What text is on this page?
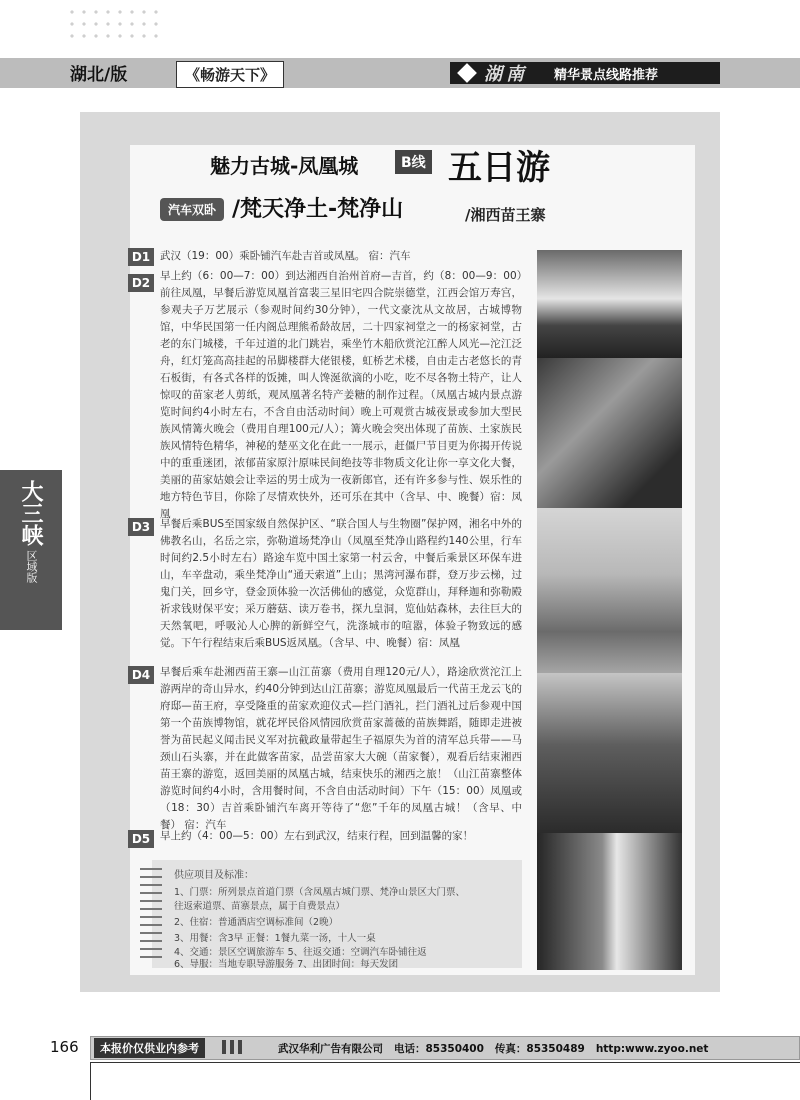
湖北/版	《畅游天下》	湖南 精华景点线路推荐
魅力古城-凤凰城	B线 五日游
汽车双卧 /梵天净土-梵净山	/湘西苗王寨
D1 武汉（19：00）乘卧铺汽车赴吉首或凤凰。 宿：汽车
D2 早上约（6：00—7：00）到达湘西自治州首府—吉首，约（8：00—9：00）前往凤凰，早餐后游览凤凰首富裴三星旧宅四合院崇德堂，江西会馆万寿宫，参观夫子万艺展示（参观时间约30分钟），一代文豪沈从文故居，古城博物馆，中华民国第一任内阁总理熊希龄故居，二十四家祠堂之一的杨家祠堂，古老的东门城楼，千年过道的北门跳岩，乘坐竹木船欣赏沱江醉人风光—沱江泛舟，红灯笼高高挂起的吊脚楼群大佬银楼，虹桥艺术楼，自由走古老悠长的青石板街，有各式各样的饭摊，叫人馋涎欲滴的小吃，吃不尽各物土特产，让人惊叹的苗家老人剪纸，观凤凰著名特产姜糖的制作过程。（凤凰古城内景点游览时间约4小时左右，不含自由活动时间）晚上可观赏古城夜景或参加大型民族风情篝火晚会（费用自理100元/人）；篝火晚会突出体现了苗族、土家族民族风情特色精华，神秘的楚巫文化在此一一展示，赶僵尸节目更为你揭开传说中的重重迷团，浓郁苗家原汁原味民间绝技等非物质文化让你一享文化大餐，美丽的苗家姑娘会让幸运的男士成为一夜新郎官，还有许多参与性、娱乐性的地方特色节目，你除了尽情欢快外，还可乐在其中（含早、中、晚餐）宿：凤凰
D3 早餐后乘BUS至国家级自然保护区、“联合国人与生物圈”保护网，湘名中外的佛教名山，名岳之宗，弥勒道场梵净山（凤凰至梵净山路程约140公里，行车时间约2.5小时左右）路途车览中国土家第一村云舍，中餐后乘景区环保车进山，车辛盘动，乘坐梵净山“通天索道”上山；黑湾河瀑布群，登万步云梯，过鬼门关，回乡守，登金顶体验一次活佛仙的感觉，众览群山，拜释迦和弥勒殿祈求钱财保平安；采万蘑菇、读万卷书，探九皇洞，览仙姑森林，去往巨大的天然氧吧，呼吸沁人心脾的新鲜空气，洗涤城市的喧嚣，体验子物致远的感觉。下午行程结束后乘BUS返凤凰。（含早、中、晚餐）宿：凤凰
D4 早餐后乘车赴湘西苗王寨—山江苗寨（费用自理120元/人），路途欣赏沱江上游两岸的奇山异水，约40分钟到达山江苗寨；游览凤凰最后一代苗王龙云飞的府邸—苗王府，享受隆重的苗家欢迎仪式—拦门酒礼，拦门酒礼过后参观中国第一个苗族博物馆，就花坪民俗风情园欣赏苗家蔷薇的苗族舞蹈，随即走进被誉为苗民起义闻击民义军对抗截政量带起生子福原失为首的清军总兵带——马颈山石头寨，并在此做客苗家，品尝苗家大大碗（苗家餐），观看后结束湘西苗王寨的游览，返回美丽的凤凰古城，结束快乐的湘西之旅！（山江苗寨整体游览时间约4小时，含用餐时间，不含自由活动时间）下午（15：00）凤凰或（18：30）吉首乘卧铺汽车离开等待了“您”千年的凤凰古城！（含早、中餐） 宿：汽车
D5 早上约（4：00—5：00）左右到武汉，结束行程，回到温馨的家！
供应项目及标准：
1、门票：所列景点首道门票（含凤凰古城门票、梵净山景区大门票、
往返索道票、苗寨景点，属于自费景点）
2、住宿：普通酒店空调标准间（2晚）
3、用餐：含3早 正餐：1餐九菜一汤，十人一桌
4、交通：景区空调旅游车 5、往返交通：空调汽车卧铺往返
6、导服：当地专职导游服务 7、出团时间：每天发团
大三峡
区域版
166	本报价仅供业内参考	武汉华利广告有限公司 电话：85350400 传真：85350489 http:www.zyoo.net
